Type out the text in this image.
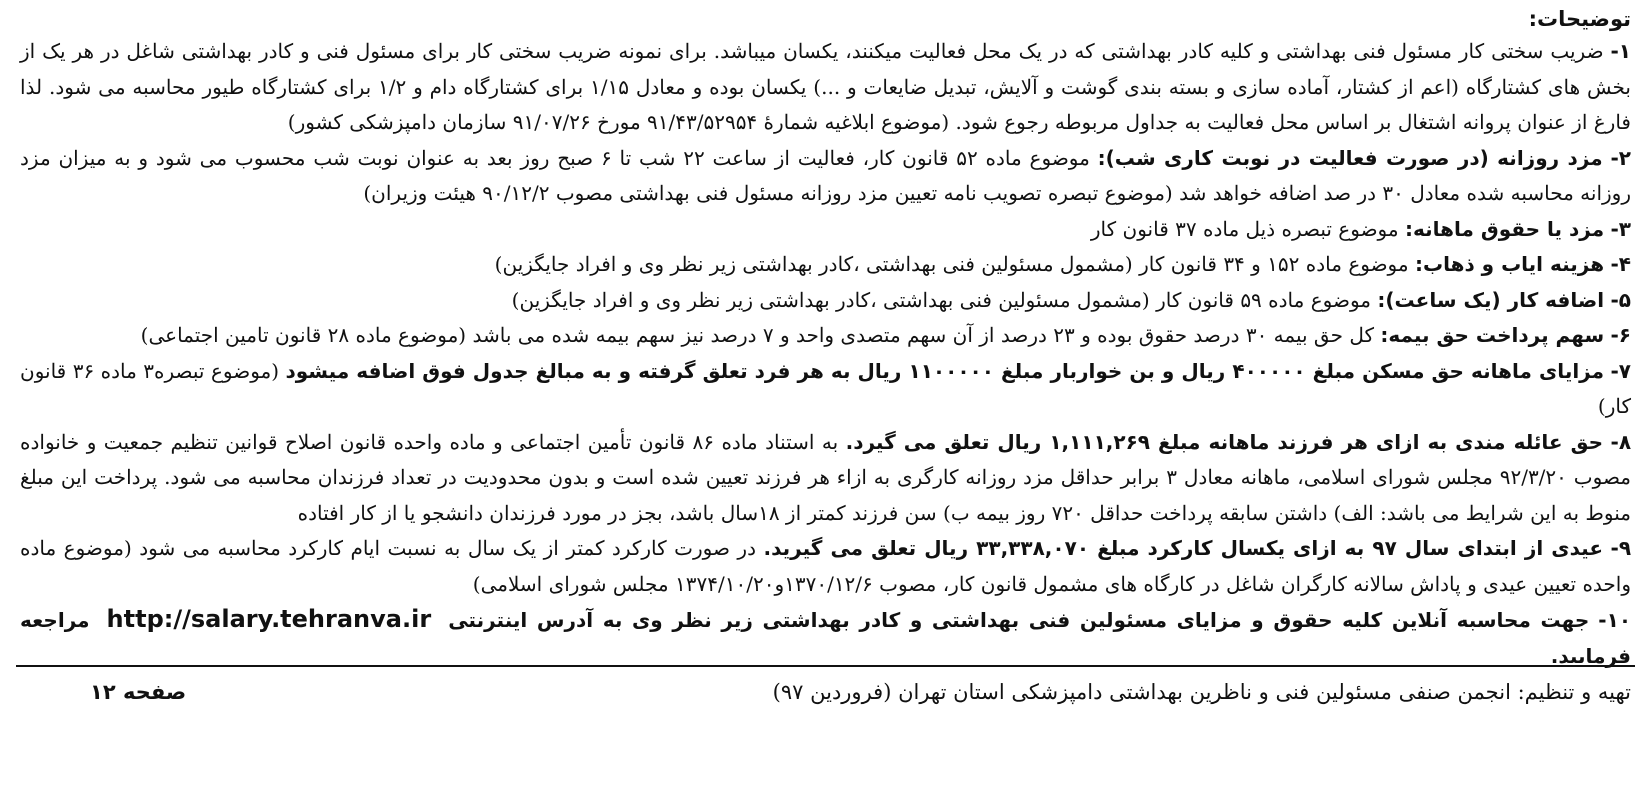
توضیحات:
۱- ضریب سختی کار مسئول فنی بهداشتی و کلیه کادر بهداشتی که در یک محل فعالیت میکنند، یکسان میباشد. برای نمونه ضریب سختی کار برای مسئول فنی و کادر بهداشتی شاغل در هر یک از بخش های کشتارگاه (اعم از کشتار، آماده سازی و بسته بندی گوشت و آلایش، تبدیل ضایعات و ...) یکسان بوده و معادل ۱/۱۵ برای کشتارگاه دام و ۱/۲ برای کشتارگاه طیور محاسبه می شود. لذا فارغ از عنوان پروانه اشتغال بر اساس محل فعالیت به جداول مربوطه رجوع شود. (موضوع ابلاغیه شمارهٔ ۹۱/۴۳/۵۲۹۵۴ مورخ ۹۱/۰۷/۲۶ سازمان دامپزشکی کشور)
۲- مزد روزانه (در صورت فعالیت در نوبت کاری شب): موضوع ماده ۵۲ قانون کار، فعالیت از ساعت ۲۲ شب تا ۶ صبح روز بعد به عنوان نوبت شب محسوب می شود و به میزان مزد روزانه محاسبه شده معادل ۳۰ در صد اضافه خواهد شد (موضوع تبصره تصویب نامه تعیین مزد روزانه مسئول فنی بهداشتی مصوب ۹۰/۱۲/۲ هیئت وزیران)
۳- مزد یا حقوق ماهانه: موضوع تبصره ذیل ماده ۳۷ قانون کار
۴- هزینه ایاب و ذهاب: موضوع ماده ۱۵۲ و ۳۴ قانون کار (مشمول مسئولین فنی بهداشتی ،کادر بهداشتی زیر نظر وی و افراد جایگزین)
۵- اضافه کار (یک ساعت): موضوع ماده ۵۹ قانون کار (مشمول مسئولین فنی بهداشتی ،کادر بهداشتی زیر نظر وی و افراد جایگزین)
۶- سهم پرداخت حق بیمه: کل حق بیمه ۳۰ درصد حقوق بوده و ۲۳ درصد از آن سهم متصدی واحد و ۷ درصد نیز سهم بیمه شده می باشد (موضوع ماده ۲۸ قانون تامین اجتماعی)
۷- مزایای ماهانه حق مسکن مبلغ ۴۰۰۰۰۰ ریال و بن خواربار مبلغ ۱۱۰۰۰۰۰ ریال به هر فرد تعلق گرفته و به مبالغ جدول فوق اضافه میشود (موضوع تبصره۳ ماده ۳۶ قانون کار)
۸- حق عائله مندی به ازای هر فرزند ماهانه مبلغ ۱,۱۱۱,۲۶۹ ریال تعلق می گیرد. به استناد ماده ۸۶ قانون تأمین اجتماعی و ماده واحده قانون اصلاح قوانین تنظیم جمعیت و خانواده مصوب ۹۲/۳/۲۰ مجلس شورای اسلامی، ماهانه معادل ۳ برابر حداقل مزد روزانه کارگری به ازاء هر فرزند تعیین شده است و بدون محدودیت در تعداد فرزندان محاسبه می شود. پرداخت این مبلغ منوط به این شرایط می باشد: الف) داشتن سابقه پرداخت حداقل ۷۲۰ روز بیمه ب) سن فرزند کمتر از ۱۸سال باشد، بجز در مورد فرزندان دانشجو یا از کار افتاده
۹- عیدی از ابتدای سال ۹۷ به ازای یکسال کارکرد مبلغ ۳۳,۳۳۸,۰۷۰ ریال تعلق می گیرید. در صورت کارکرد کمتر از یک سال به نسبت ایام کارکرد محاسبه می شود (موضوع ماده واحده تعیین عیدی و پاداش سالانه کارگران شاغل در کارگاه های مشمول قانون کار، مصوب ۱۳۷۰/۱۲/۶و۱۳۷۴/۱۰/۲۰ مجلس شورای اسلامی)
۱۰- جهت محاسبه آنلاین کلیه حقوق و مزایای مسئولین فنی بهداشتی و کادر بهداشتی زیر نظر وی به آدرس اینترنتی http://salary.tehranva.ir مراجعه فرمایید.
تهیه و تنظیم: انجمن صنفی مسئولین فنی و ناظرین بهداشتی دامپزشکی استان تهران (فروردین ۹۷)
صفحه ۱۲
